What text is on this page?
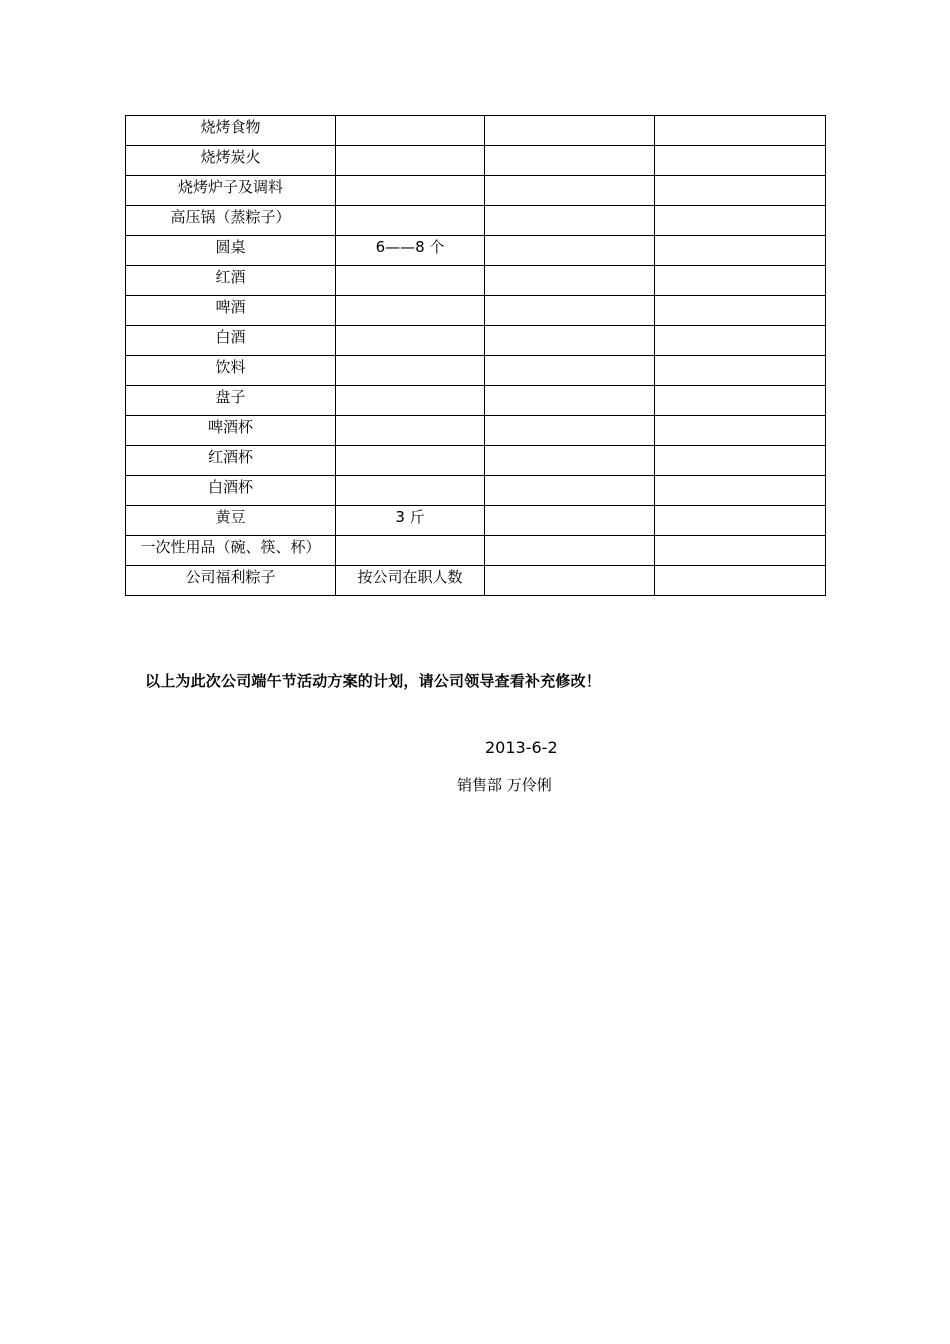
烧烤食物			
烧烤炭火			
烧烤炉子及调料			
高压锅（蒸粽子）			
圆桌	6——8 个		
红酒			
啤酒			
白酒			
饮料			
盘子			
啤酒杯			
红酒杯			
白酒杯			
黄豆	3 斤		
一次性用品（碗、筷、杯）			
公司福利粽子	按公司在职人数		
以上为此次公司端午节活动方案的计划，请公司领导查看补充修改！
2013-6-2
销售部 万伶俐
